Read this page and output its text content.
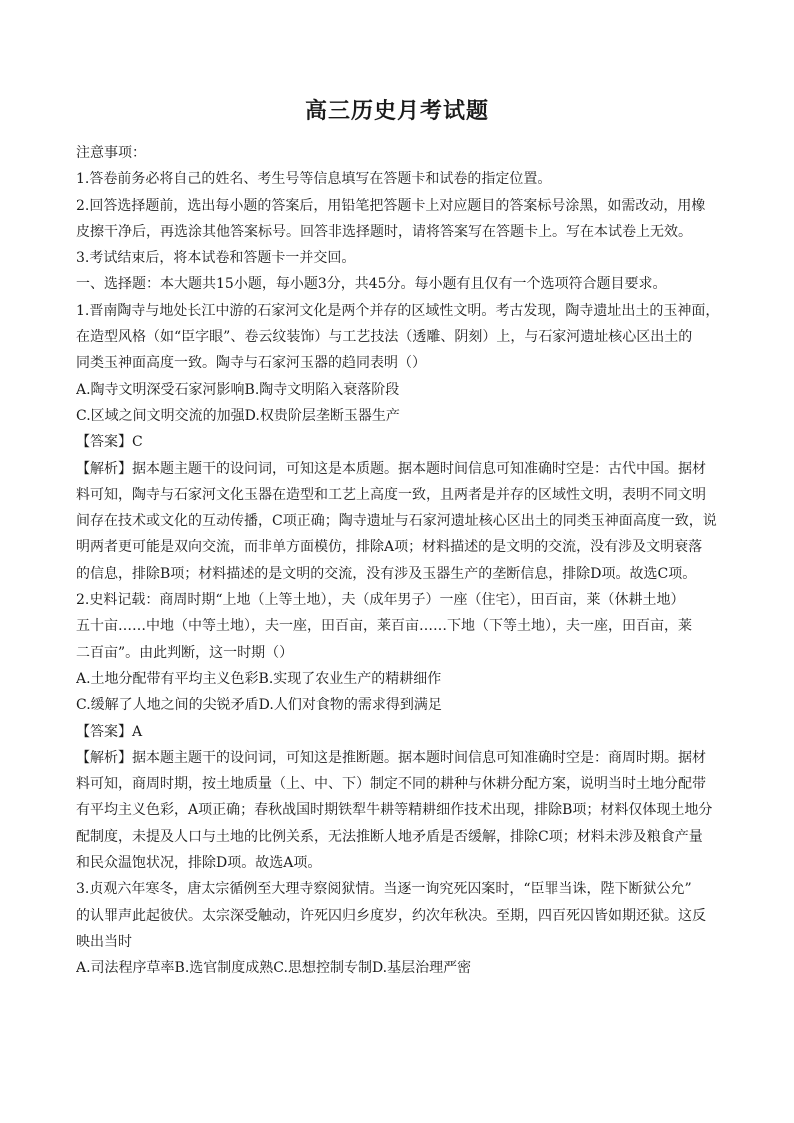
高三历史月考试题
注意事项：
1.答卷前务必将自己的姓名、考生号等信息填写在答题卡和试卷的指定位置。
2.回答选择题前，选出每小题的答案后，用铅笔把答题卡上对应题目的答案标号涂黑，如需改动，用橡
皮擦干净后，再选涂其他答案标号。回答非选择题时，请将答案写在答题卡上。写在本试卷上无效。
3.考试结束后，将本试卷和答题卡一并交回。
一、选择题：本大题共15小题，每小题3分，共45分。每小题有且仅有一个选项符合题目要求。
1.晋南陶寺与地处长江中游的石家河文化是两个并存的区域性文明。考古发现，陶寺遗址出土的玉神面，
在造型风格（如“臣字眼”、卷云纹装饰）与工艺技法（透雕、阴刻）上，与石家河遗址核心区出土的
同类玉神面高度一致。陶寺与石家河玉器的趋同表明（）
A.陶寺文明深受石家河影响B.陶寺文明陷入衰落阶段
C.区域之间文明交流的加强D.权贵阶层垄断玉器生产
【答案】C
【解析】据本题主题干的设问词，可知这是本质题。据本题时间信息可知准确时空是：古代中国。据材
料可知，陶寺与石家河文化玉器在造型和工艺上高度一致，且两者是并存的区域性文明，表明不同文明
间存在技术或文化的互动传播，C项正确；陶寺遗址与石家河遗址核心区出土的同类玉神面高度一致，说
明两者更可能是双向交流，而非单方面模仿，排除A项；材料描述的是文明的交流，没有涉及文明衰落
的信息，排除B项；材料描述的是文明的交流，没有涉及玉器生产的垄断信息，排除D项。故选C项。
2.史料记载：商周时期“上地（上等土地），夫（成年男子）一座（住宅），田百亩，莱（休耕土地）
五十亩……中地（中等土地），夫一座，田百亩，莱百亩……下地（下等土地），夫一座，田百亩，莱
二百亩”。由此判断，这一时期（）
A.土地分配带有平均主义色彩B.实现了农业生产的精耕细作
C.缓解了人地之间的尖锐矛盾D.人们对食物的需求得到满足
【答案】A
【解析】据本题主题干的设问词，可知这是推断题。据本题时间信息可知准确时空是：商周时期。据材
料可知，商周时期，按土地质量（上、中、下）制定不同的耕种与休耕分配方案，说明当时土地分配带
有平均主义色彩，A项正确；春秋战国时期铁犁牛耕等精耕细作技术出现，排除B项；材料仅体现土地分
配制度，未提及人口与土地的比例关系，无法推断人地矛盾是否缓解，排除C项；材料未涉及粮食产量
和民众温饱状况，排除D项。故选A项。
3.贞观六年寒冬，唐太宗循例至大理寺察阅狱情。当逐一询究死囚案时，“臣罪当诛，陛下断狱公允”
的认罪声此起彼伏。太宗深受触动，许死囚归乡度岁，约次年秋决。至期，四百死囚皆如期还狱。这反
映出当时
A.司法程序草率B.选官制度成熟C.思想控制专制D.基层治理严密
